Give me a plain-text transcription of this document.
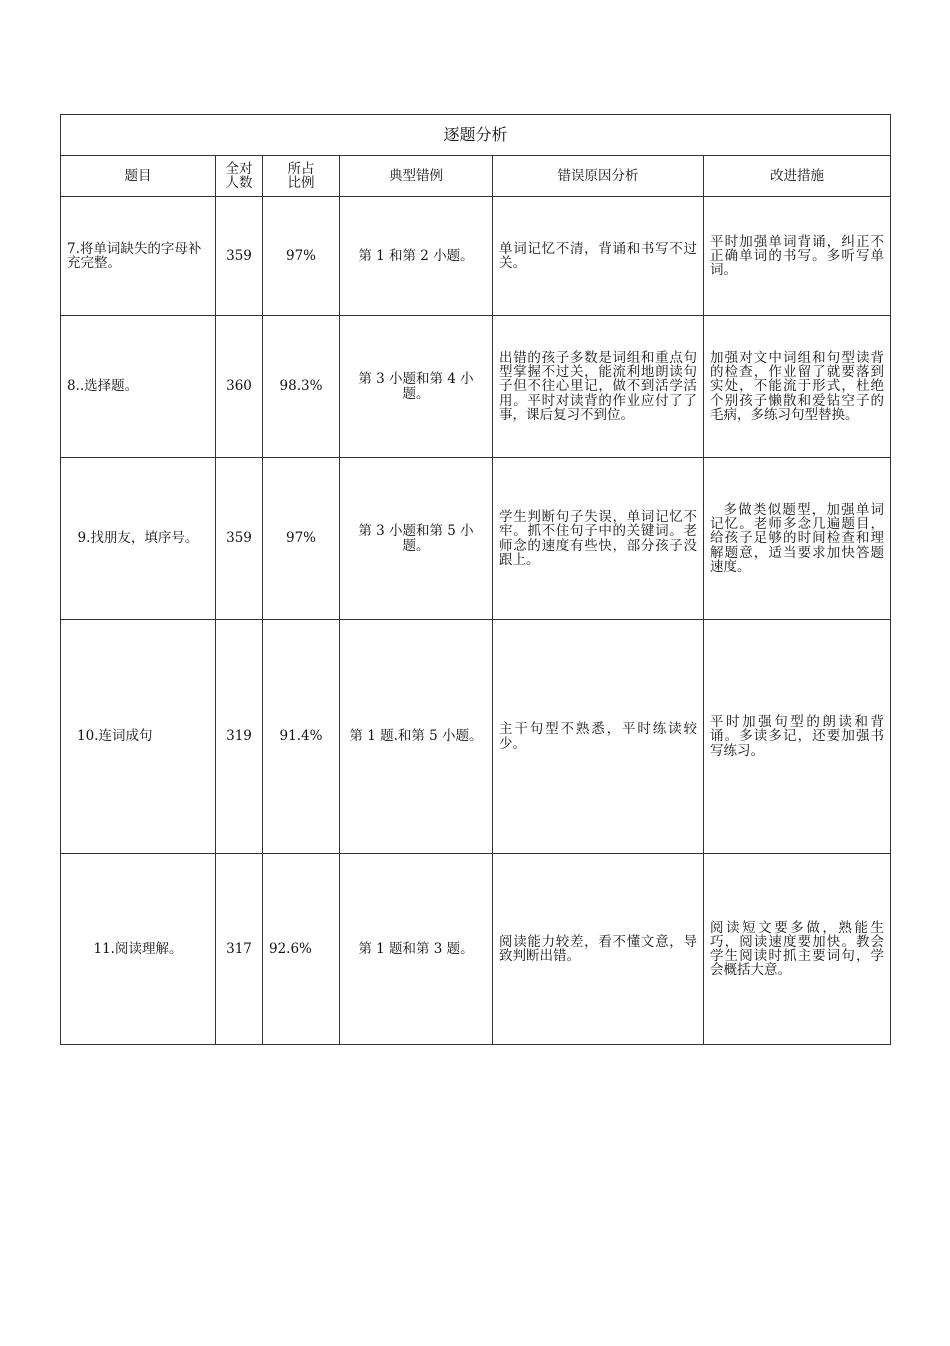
逐题分析					
题目	全对人数	所占比例	典型错例	错误原因分析	改进措施
7.将单词缺失的字母补充完整。	359	97%	第 1 和第 2 小题。	单词记忆不清，背诵和书写不过关。	平时加强单词背诵，纠正不正确单词的书写。多听写单词。
8..选择题。	360	98.3%	第 3 小题和第 4 小题。	出错的孩子多数是词组和重点句型掌握不过关，能流利地朗读句子但不往心里记，做不到活学活用。平时对读背的作业应付了了事，课后复习不到位。	加强对文中词组和句型读背的检查，作业留了就要落到实处，不能流于形式，杜绝个别孩子懒散和爱钻空子的毛病，多练习句型替换。
9.找朋友，填序号。	359	97%	第 3 小题和第 5 小题。	学生判断句子失误，单词记忆不牢。抓不住句子中的关键词。老师念的速度有些快，部分孩子没跟上。	多做类似题型，加强单词记忆。老师多念几遍题目，给孩子足够的时间检查和理解题意，适当要求加快答题速度。
10.连词成句	319	91.4%	第 1 题.和第 5 小题。	主干句型不熟悉，平时练读较少。	平时加强句型的朗读和背诵。多读多记，还要加强书写练习。
11.阅读理解。	317	92.6%	第 1 题和第 3 题。	阅读能力较差，看不懂文意，导致判断出错。	阅读短文要多做，熟能生巧，阅读速度要加快。教会学生阅读时抓主要词句，学会概括大意。
